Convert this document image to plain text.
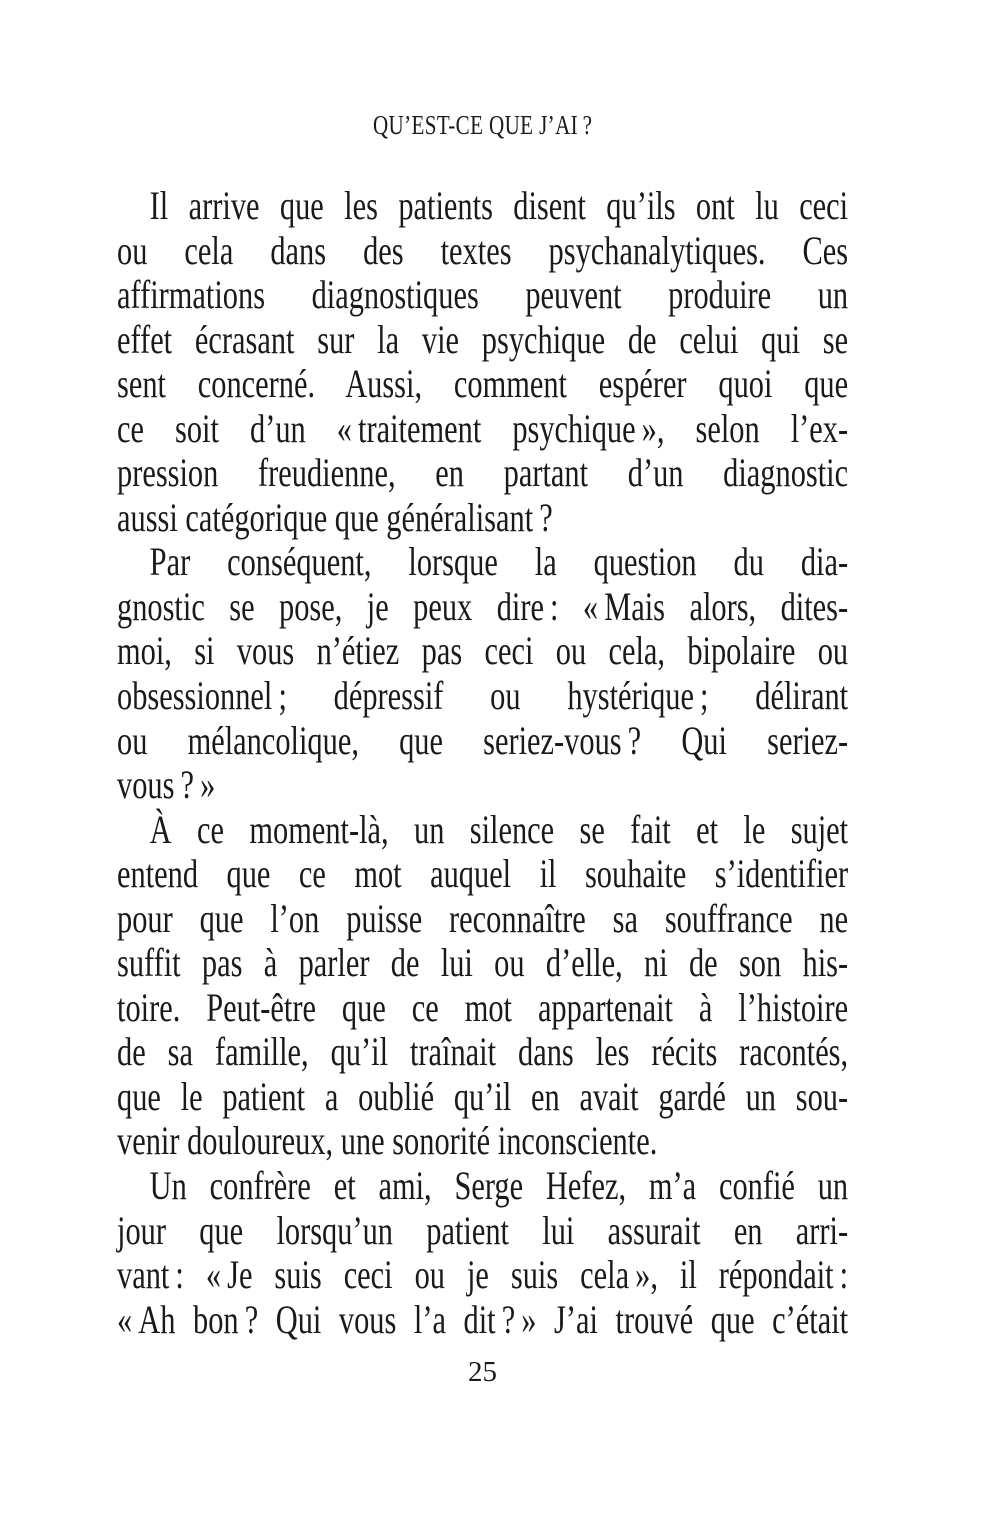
QU’EST-CE QUE J’AI ?
Il arrive que les patients disent qu’ils ont lu ceci
ou cela dans des textes psychanalytiques. Ces
affirmations diagnostiques peuvent produire un
effet écrasant sur la vie psychique de celui qui se
sent concerné. Aussi, comment espérer quoi que
ce soit d’un « traitement psychique », selon l’ex-
pression freudienne, en partant d’un diagnostic
aussi catégorique que généralisant ?
Par conséquent, lorsque la question du dia-
gnostic se pose, je peux dire : « Mais alors, dites-
moi, si vous n’étiez pas ceci ou cela, bipolaire ou
obsessionnel ; dépressif ou hystérique ; délirant
ou mélancolique, que seriez-vous ? Qui seriez-
vous ? »
À ce moment-là, un silence se fait et le sujet
entend que ce mot auquel il souhaite s’identifier
pour que l’on puisse reconnaître sa souffrance ne
suffit pas à parler de lui ou d’elle, ni de son his-
toire. Peut-être que ce mot appartenait à l’histoire
de sa famille, qu’il traînait dans les récits racontés,
que le patient a oublié qu’il en avait gardé un sou-
venir douloureux, une sonorité inconsciente.
Un confrère et ami, Serge Hefez, m’a confié un
jour que lorsqu’un patient lui assurait en arri-
vant : « Je suis ceci ou je suis cela », il répondait :
« Ah bon ? Qui vous l’a dit ? » J’ai trouvé que c’était
25
